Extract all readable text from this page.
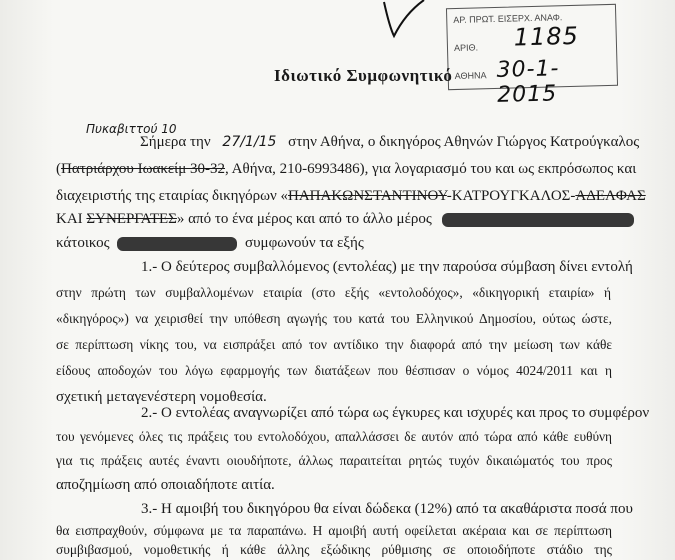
ΑΡ. ΠΡΩΤ. ΕΙΣΕΡΧ. ΑΝΑΦ.
ΑΡΙΘ. 1185
ΑΘΗΝΑ 30-1-2015
Ιδιωτικό Συμφωνητικό
Πυκαβιττού 10
Σήμερα την 27/1/15 στην Αθήνα, ο δικηγόρος Αθηνών Γιώργος Κατρούγκαλος
(Πατριάρχου Ιωακείμ 30-32, Αθήνα, 210-6993486), για λογαριασμό του και ως εκπρόσωπος και
διαχειριστής της εταιρίας δικηγόρων «ΠΑΠΑΚΩΝΣΤΑΝΤΙΝΟΥ-ΚΑΤΡΟΥΓΚΑΛΟΣ-ΑΔΕΛΦΑΣ
ΚΑΙ ΣΥΝΕΡΓΑΤΕΣ» από το ένα μέρος και από το άλλο μέρος
κάτοικος	συμφωνούν τα εξής
1.- Ο δεύτερος συμβαλλόμενος (εντολέας) με την παρούσα σύμβαση δίνει εντολή
στην πρώτη των συμβαλλομένων εταιρία (στο εξής «εντολοδόχος», «δικηγορική εταιρία» ή
«δικηγόρος») να χειρισθεί την υπόθεση αγωγής του κατά του Ελληνικού Δημοσίου, ούτως ώστε,
σε περίπτωση νίκης του, να εισπράξει από τον αντίδικο την διαφορά από την μείωση των κάθε
είδους αποδοχών του λόγω εφαρμογής των διατάξεων που θέσπισαν ο νόμος 4024/2011 και η
σχετική μεταγενέστερη νομοθεσία.
2.- Ο εντολέας αναγνωρίζει από τώρα ως έγκυρες και ισχυρές και προς το συμφέρον
του γενόμενες όλες τις πράξεις του εντολοδόχου, απαλλάσσει δε αυτόν από τώρα από κάθε ευθύνη
για τις πράξεις αυτές έναντι οιουδήποτε, άλλως παραιτείται ρητώς τυχόν δικαιώματός του προς
αποζημίωση από οποιαδήποτε αιτία.
3.- Η αμοιβή του δικηγόρου θα είναι δώδεκα (12%) από τα ακαθάριστα ποσά που
θα εισπραχθούν, σύμφωνα με τα παραπάνω. Η αμοιβή αυτή οφείλεται ακέραια και σε περίπτωση
συμβιβασμού, νομοθετικής ή κάθε άλλης εξώδικης ρύθμισης σε οποιοδήποτε στάδιο της
